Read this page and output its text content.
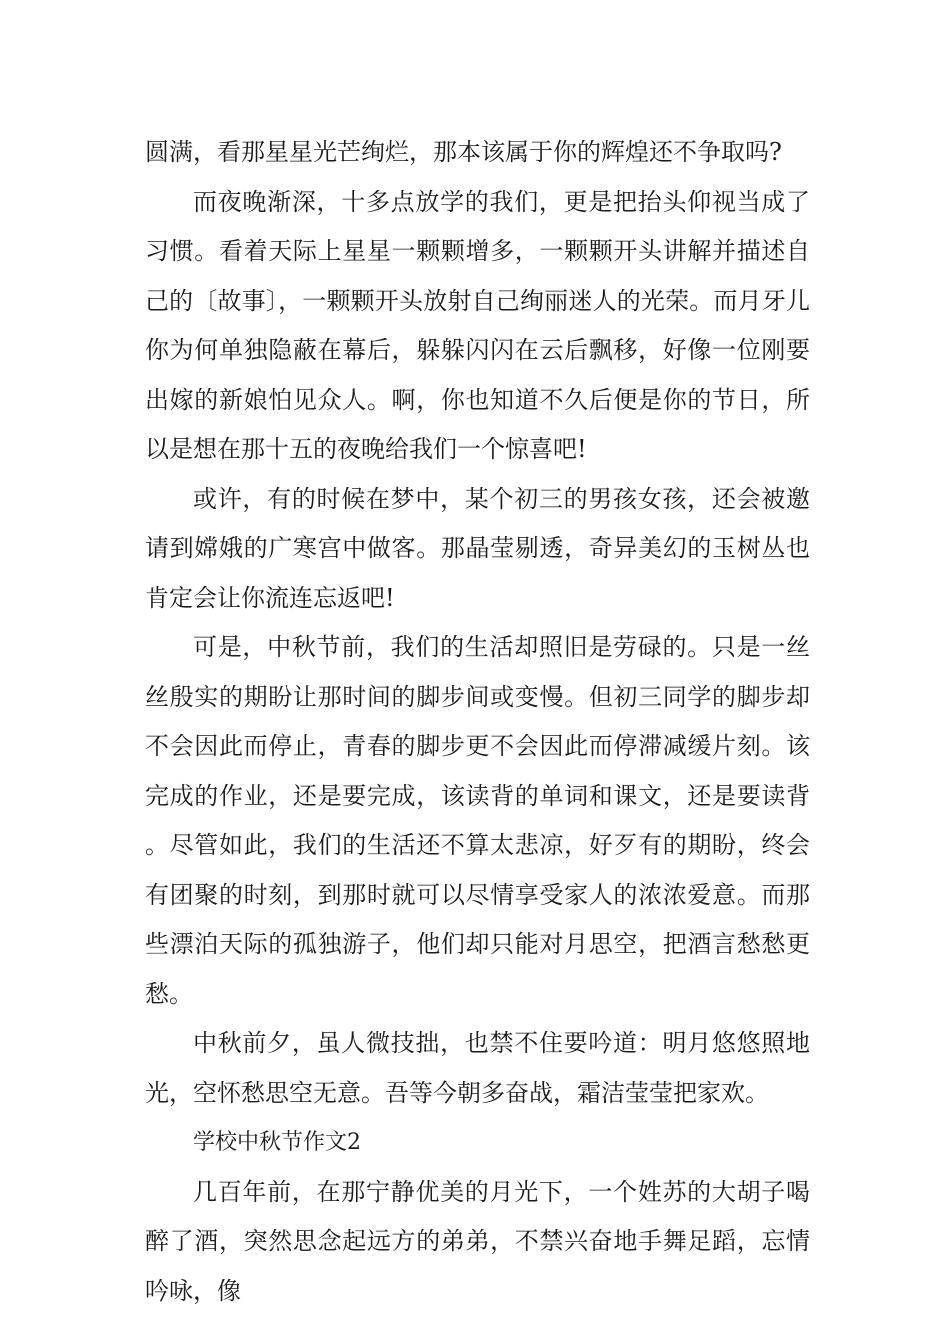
圆满，看那星星光芒绚烂，那本该属于你的辉煌还不争取吗?

而夜晚渐深，十多点放学的我们，更是把抬头仰视当成了习惯。看着天际上星星一颗颗增多，一颗颗开头讲解并描述自己的〔故事〕，一颗颗开头放射自己绚丽迷人的光荣。而月牙儿你为何单独隐蔽在幕后，躲躲闪闪在云后飘移，好像一位刚要出嫁的新娘怕见众人。啊，你也知道不久后便是你的节日，所以是想在那十五的夜晚给我们一个惊喜吧!

或许，有的时候在梦中，某个初三的男孩女孩，还会被邀请到嫦娥的广寒宫中做客。那晶莹剔透，奇异美幻的玉树丛也肯定会让你流连忘返吧!

可是，中秋节前，我们的生活却照旧是劳碌的。只是一丝丝殷实的期盼让那时间的脚步间或变慢。但初三同学的脚步却不会因此而停止，青春的脚步更不会因此而停滞减缓片刻。该完成的作业，还是要完成，该读背的单词和课文，还是要读背。尽管如此，我们的生活还不算太悲凉，好歹有的期盼，终会有团聚的时刻，到那时就可以尽情享受家人的浓浓爱意。而那些漂泊天际的孤独游子，他们却只能对月思空，把酒言愁愁更愁。

中秋前夕，虽人微技拙，也禁不住要吟道：明月悠悠照地光，空怀愁思空无意。吾等今朝多奋战，霜洁莹莹把家欢。

学校中秋节作文2

几百年前，在那宁静优美的月光下，一个姓苏的大胡子喝醉了酒，突然思念起远方的弟弟，不禁兴奋地手舞足蹈，忘情吟咏，像
